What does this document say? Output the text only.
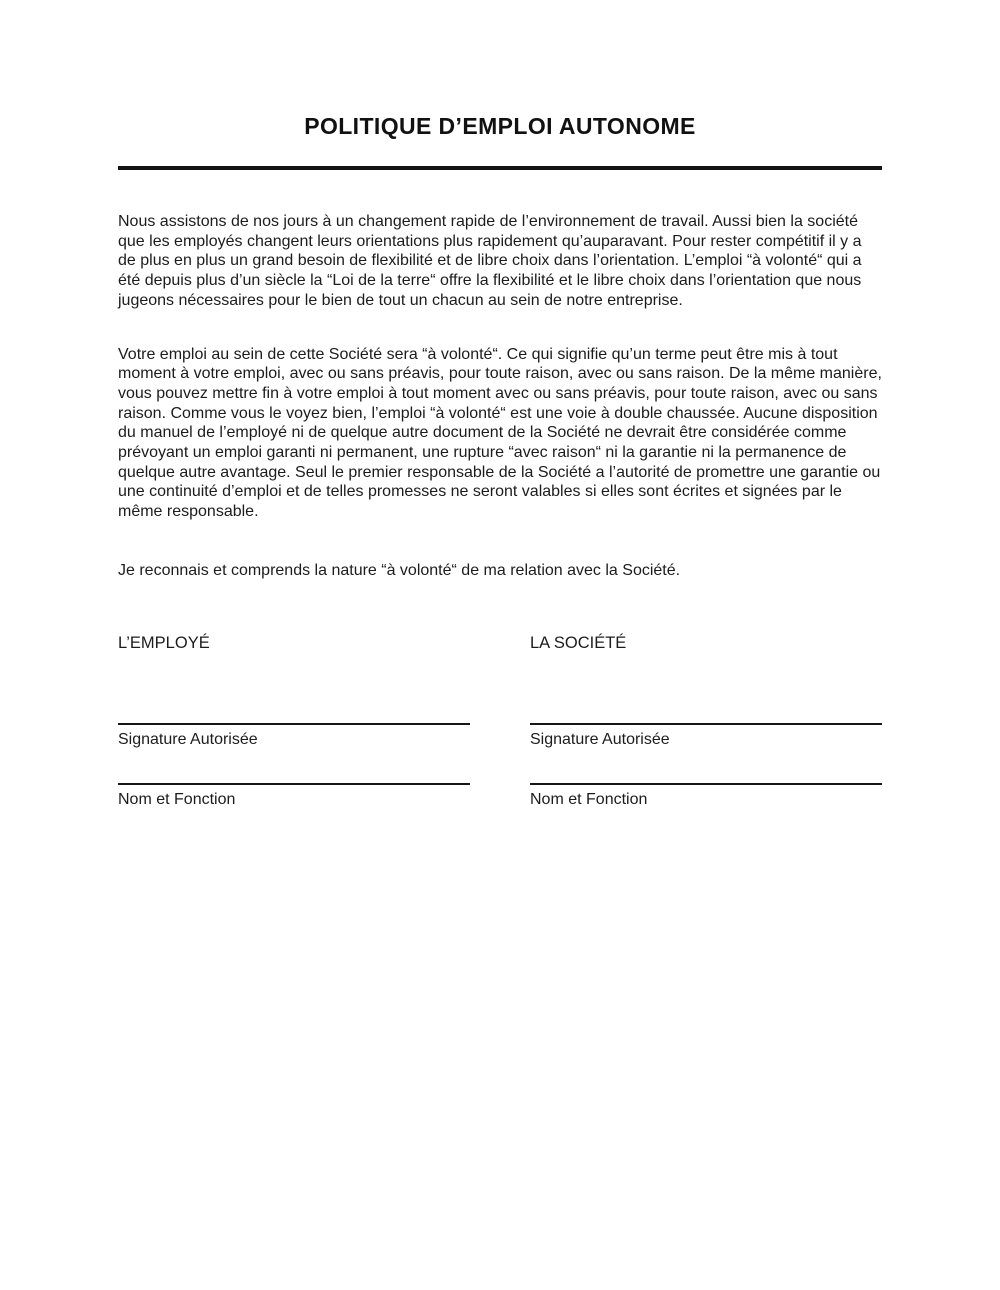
POLITIQUE D’EMPLOI AUTONOME

Nous assistons de nos jours à un changement rapide de l’environnement de travail. Aussi bien la société que les employés changent leurs orientations plus rapidement qu’auparavant. Pour rester compétitif il y a de plus en plus un grand besoin de flexibilité et de libre choix dans l’orientation. L’emploi “à volonté“ qui a été depuis plus d’un siècle la “Loi de la terre“ offre la flexibilité et le libre choix dans l’orientation que nous jugeons nécessaires pour le bien de tout un chacun au sein de notre entreprise.

Votre emploi au sein de cette Société sera “à volonté“. Ce qui signifie qu’un terme peut être mis à tout moment à votre emploi, avec ou sans préavis, pour toute raison, avec ou sans raison. De la même manière, vous pouvez mettre fin à votre emploi à tout moment avec ou sans préavis, pour toute raison, avec ou sans raison. Comme vous le voyez bien, l’emploi “à volonté“ est une voie à double chaussée. Aucune disposition du manuel de l’employé ni de quelque autre document de la Société ne devrait être considérée comme prévoyant un emploi garanti ni permanent, une rupture “avec raison“ ni la garantie ni la permanence de quelque autre avantage. Seul le premier responsable de la Société a l’autorité de promettre une garantie ou une continuité d’emploi et de telles promesses ne seront valables si elles sont écrites et signées par le même responsable.

Je reconnais et comprends la nature “à volonté“ de ma relation avec la Société.

L’EMPLOYÉ
Signature Autorisée
Nom et Fonction
LA SOCIÉTÉ
Signature Autorisée
Nom et Fonction
